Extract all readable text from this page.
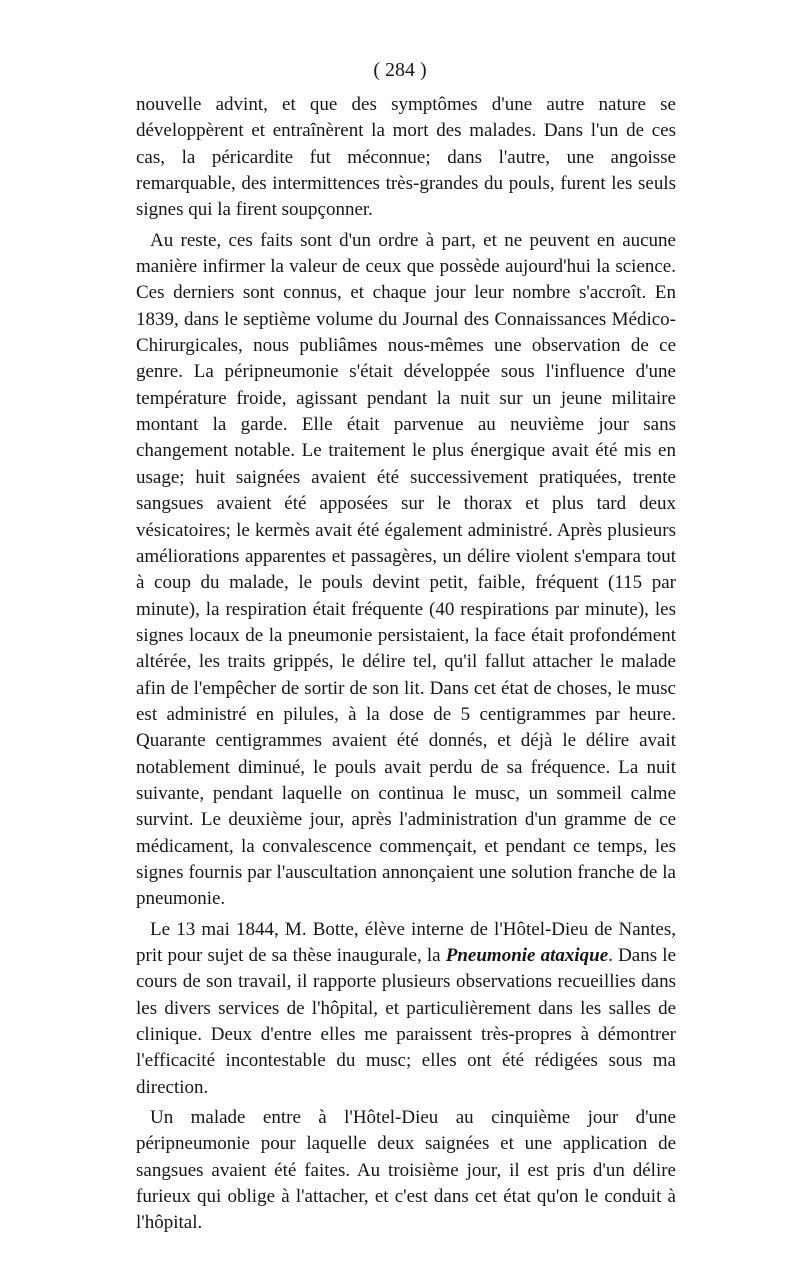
( 284 )

nouvelle advint, et que des symptômes d'une autre nature se développèrent et entraînèrent la mort des malades. Dans l'un de ces cas, la péricardite fut méconnue; dans l'autre, une angoisse remarquable, des intermittences très-grandes du pouls, furent les seuls signes qui la firent soupçonner.

Au reste, ces faits sont d'un ordre à part, et ne peuvent en aucune manière infirmer la valeur de ceux que possède aujourd'hui la science. Ces derniers sont connus, et chaque jour leur nombre s'accroît. En 1839, dans le septième volume du Journal des Connaissances Médico-Chirurgicales, nous publiâmes nous-mêmes une observation de ce genre. La péripneumonie s'était développée sous l'influence d'une température froide, agissant pendant la nuit sur un jeune militaire montant la garde. Elle était parvenue au neuvième jour sans changement notable. Le traitement le plus énergique avait été mis en usage; huit saignées avaient été successivement pratiquées, trente sangsues avaient été apposées sur le thorax et plus tard deux vésicatoires; le kermès avait été également administré. Après plusieurs améliorations apparentes et passagères, un délire violent s'empara tout à coup du malade, le pouls devint petit, faible, fréquent (115 par minute), la respiration était fréquente (40 respirations par minute), les signes locaux de la pneumonie persistaient, la face était profondément altérée, les traits grippés, le délire tel, qu'il fallut attacher le malade afin de l'empêcher de sortir de son lit. Dans cet état de choses, le musc est administré en pilules, à la dose de 5 centigrammes par heure. Quarante centigrammes avaient été donnés, et déjà le délire avait notablement diminué, le pouls avait perdu de sa fréquence. La nuit suivante, pendant laquelle on continua le musc, un sommeil calme survint. Le deuxième jour, après l'administration d'un gramme de ce médicament, la convalescence commençait, et pendant ce temps, les signes fournis par l'auscultation annonçaient une solution franche de la pneumonie.

Le 13 mai 1844, M. Botte, élève interne de l'Hôtel-Dieu de Nantes, prit pour sujet de sa thèse inaugurale, la Pneumonie ataxique. Dans le cours de son travail, il rapporte plusieurs observations recueillies dans les divers services de l'hôpital, et particulièrement dans les salles de clinique. Deux d'entre elles me paraissent très-propres à démontrer l'efficacité incontestable du musc; elles ont été rédigées sous ma direction.

Un malade entre à l'Hôtel-Dieu au cinquième jour d'une péripneumonie pour laquelle deux saignées et une application de sangsues avaient été faites. Au troisième jour, il est pris d'un délire furieux qui oblige à l'attacher, et c'est dans cet état qu'on le conduit à l'hôpital.
